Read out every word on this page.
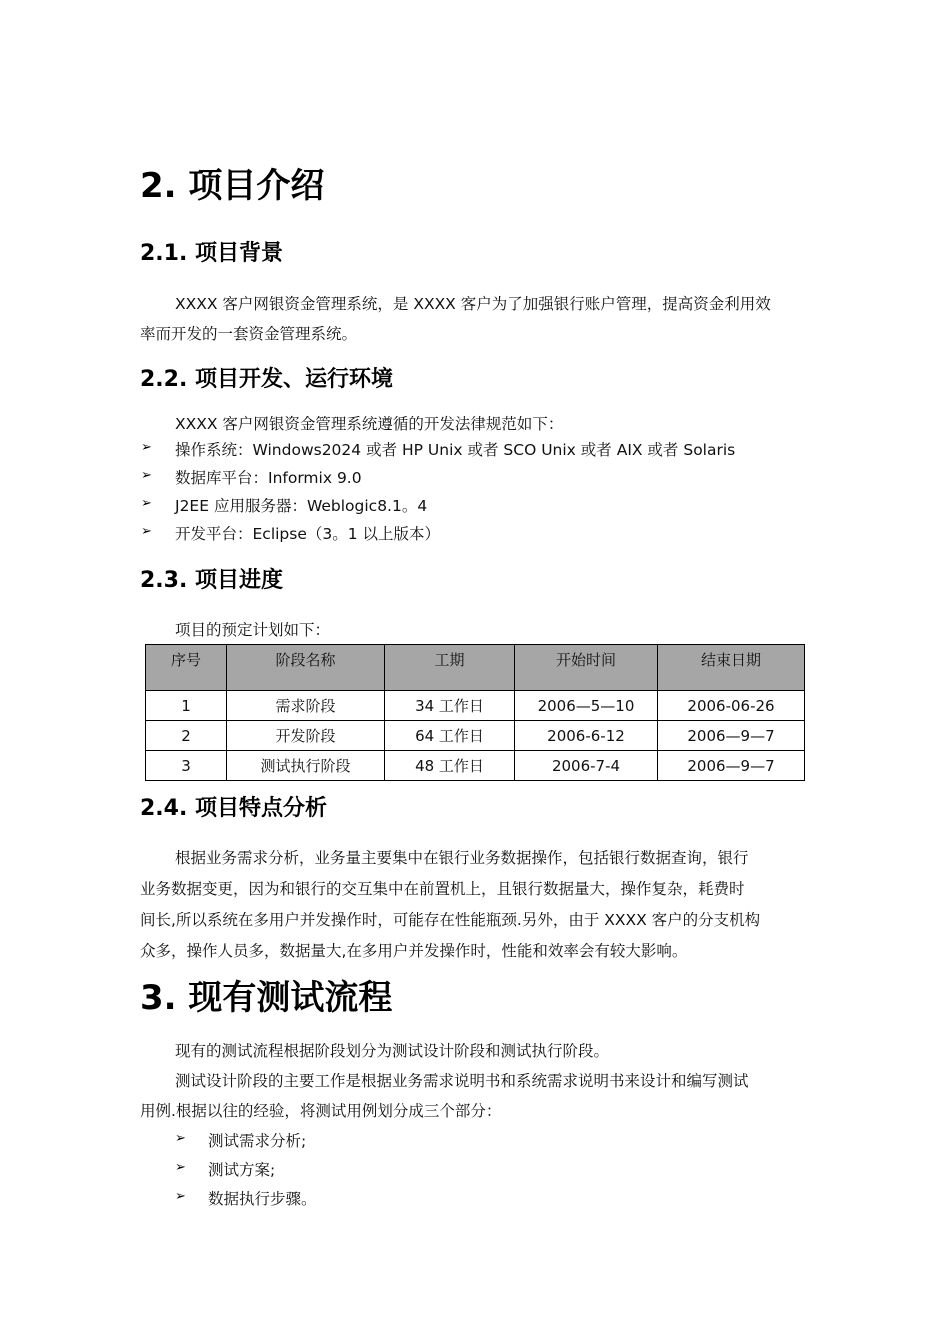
2. 项目介绍
2.1. 项目背景
XXXX 客户网银资金管理系统，是 XXXX 客户为了加强银行账户管理，提高资金利用效
率而开发的一套资金管理系统。
2.2. 项目开发、运行环境
XXXX 客户网银资金管理系统遵循的开发法律规范如下：
➢ 操作系统：Windows2024 或者 HP Unix 或者 SCO Unix 或者 AIX 或者 Solaris
➢ 数据库平台：Informix 9.0
➢ J2EE 应用服务器：Weblogic8.1。4
➢ 开发平台：Eclipse（3。1 以上版本）
2.3. 项目进度
项目的预定计划如下：
序号	阶段名称	工期	开始时间	结束日期
1	需求阶段	34 工作日	2006—5—10	2006-06-26
2	开发阶段	64 工作日	2006-6-12	2006—9—7
3	测试执行阶段	48 工作日	2006-7-4	2006—9—7
2.4. 项目特点分析
根据业务需求分析，业务量主要集中在银行业务数据操作，包括银行数据查询，银行
业务数据变更，因为和银行的交互集中在前置机上，且银行数据量大，操作复杂，耗费时
间长,所以系统在多用户并发操作时，可能存在性能瓶颈.另外，由于 XXXX 客户的分支机构
众多，操作人员多，数据量大,在多用户并发操作时，性能和效率会有较大影响。
3. 现有测试流程
现有的测试流程根据阶段划分为测试设计阶段和测试执行阶段。
测试设计阶段的主要工作是根据业务需求说明书和系统需求说明书来设计和编写测试
用例.根据以往的经验，将测试用例划分成三个部分：
➢ 测试需求分析;
➢ 测试方案;
➢ 数据执行步骤。
